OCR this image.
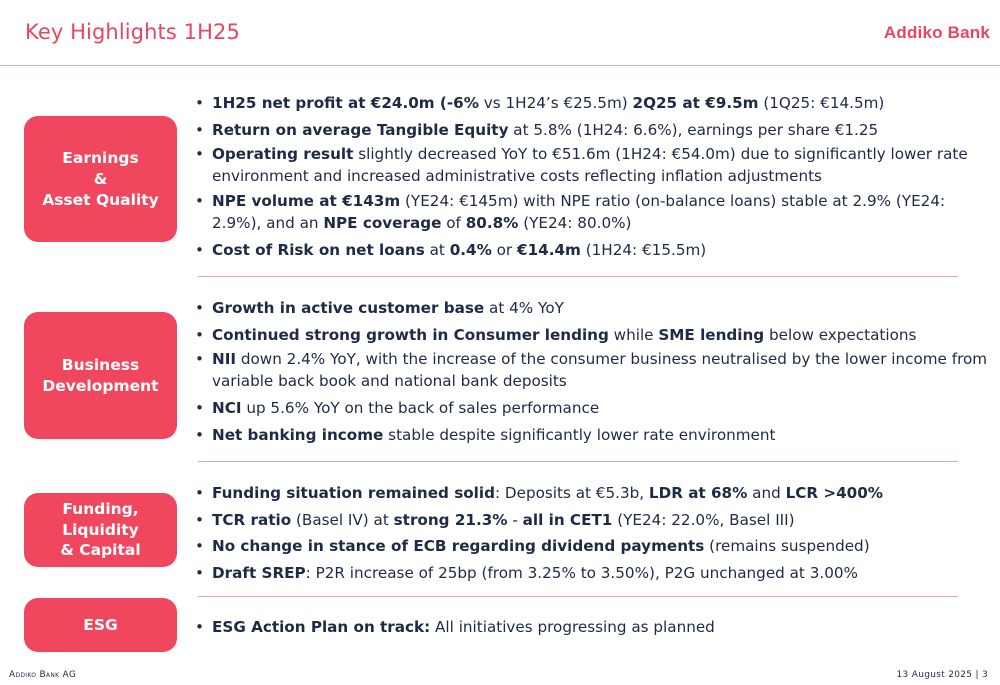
Key Highlights 1H25	Addiko Bank
Earnings
&
Asset Quality
• 1H25 net profit at €24.0m (-6% vs 1H24’s €25.5m) 2Q25 at €9.5m (1Q25: €14.5m)
• Return on average Tangible Equity at 5.8% (1H24: 6.6%), earnings per share €1.25
• Operating result slightly decreased YoY to €51.6m (1H24: €54.0m) due to significantly lower rate environment and increased administrative costs reflecting inflation adjustments
• NPE volume at €143m (YE24: €145m) with NPE ratio (on-balance loans) stable at 2.9% (YE24: 2.9%), and an NPE coverage of 80.8% (YE24: 80.0%)
• Cost of Risk on net loans at 0.4% or €14.4m (1H24: €15.5m)
Business
Development
• Growth in active customer base at 4% YoY
• Continued strong growth in Consumer lending while SME lending below expectations
• NII down 2.4% YoY, with the increase of the consumer business neutralised by the lower income from variable back book and national bank deposits
• NCI up 5.6% YoY on the back of sales performance
• Net banking income stable despite significantly lower rate environment
Funding,
Liquidity
& Capital
• Funding situation remained solid: Deposits at €5.3b, LDR at 68% and LCR >400%
• TCR ratio (Basel IV) at strong 21.3% - all in CET1 (YE24: 22.0%, Basel III)
• No change in stance of ECB regarding dividend payments (remains suspended)
• Draft SREP: P2R increase of 25bp (from 3.25% to 3.50%), P2G unchanged at 3.00%
ESG
•	ESG Action Plan on track: All initiatives progressing as planned
Addiko Bank AG	13 August 2025 | 3
